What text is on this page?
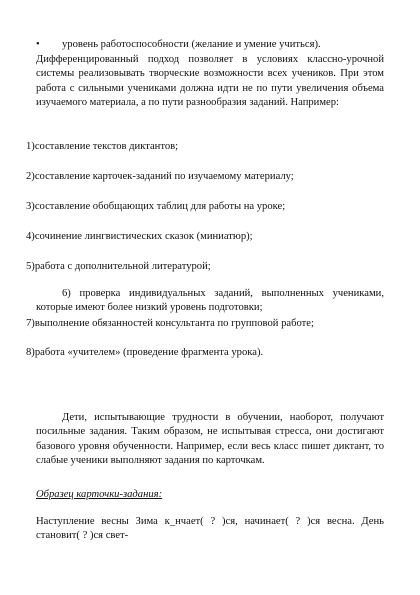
• уровень работоспособности (желание и умение учиться).
Дифференцированный подход позволяет в условиях классно-урочной системы реализовывать творческие возможности всех учеников. При этом работа с сильными учениками должна идти не по пути увеличения объема изучаемого материала, а по пути разнообразия заданий. Например:
1)составление текстов диктантов;
2)составление карточек-заданий по изучаемому материалу;
3)составление обобщающих таблиц для работы на уроке;
4)сочинение лингвистических сказок (миниатюр);
5)работа с дополнительной литературой;
6) проверка индивидуальных заданий, выполненных учениками, которые имеют более низкий уровень подготовки;
7)выполнение обязанностей консультанта по групповой работе;
8)работа «учителем» (проведение фрагмента урока).
Дети, испытывающие трудности в обучении, наоборот, получают посильные задания. Таким образом, не испытывая стресса, они достигают базового уровня обученности. Например, если весь класс пишет диктант, то слабые ученики выполняют задания по карточкам.
Образец карточки-задания:
Наступление весны Зима к_нчает( ? )ся, начинает( ? )ся весна. День становит( ? )ся свет-
